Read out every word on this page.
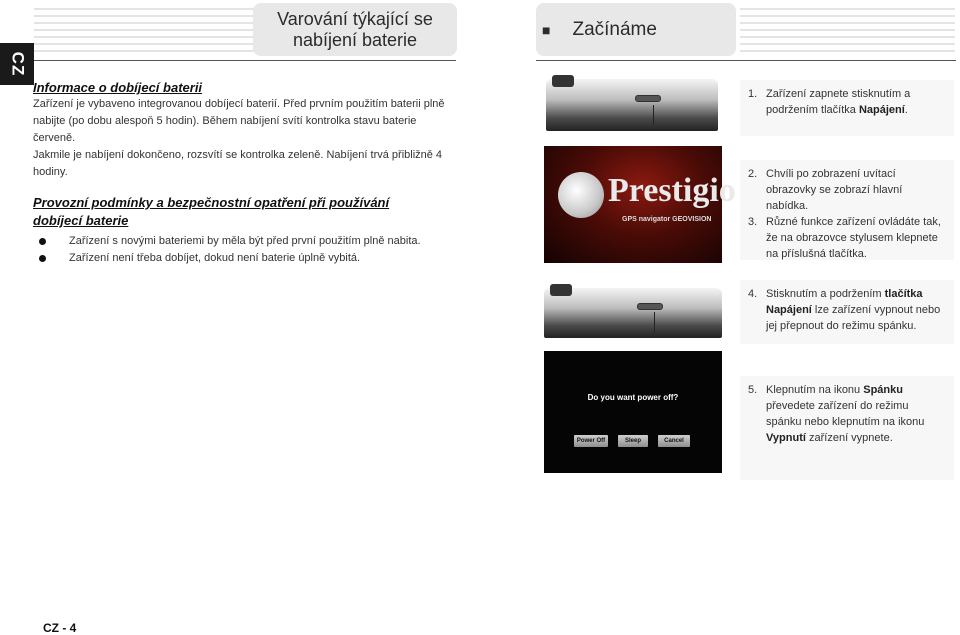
CZ
Varování týkající se
nabíjení baterie	■ Začínáme
Informace o dobíjecí baterii
Zařízení je vybaveno integrovanou dobíjecí baterií. Před prvním použitím baterii plně
nabijte (po dobu alespoň 5 hodin). Během nabíjení svítí kontrolka stavu baterie červeně.
Jakmile je nabíjení dokončeno, rozsvítí se kontrolka zeleně. Nabíjení trvá přibližně 4
hodiny.
Provozní podmínky a bezpečnostní opatření při používání dobíjecí baterie
Zařízení s novými bateriemi by měla být před první použitím plně nabita.
Zařízení není třeba dobíjet, dokud není baterie úplně vybitá.
Prestigio
GPS navigator GEOVISION
Do you want power off?
Power Off	Sleep	Cancel
1. Zařízení zapnete stisknutím a podržením tlačítka Napájení.
2. Chvíli po zobrazení uvítací obrazovky se zobrazí hlavní nabídka.
3. Různé funkce zařízení ovládáte tak, že na obrazovce stylusem klepnete na příslušná tlačítka.
4. Stisknutím a podržením tlačítka Napájení lze zařízení vypnout nebo jej přepnout do režimu spánku.
5. Klepnutím na ikonu Spánku převedete zařízení do režimu spánku nebo klepnutím na ikonu Vypnutí zařízení vypnete.
CZ - 4
